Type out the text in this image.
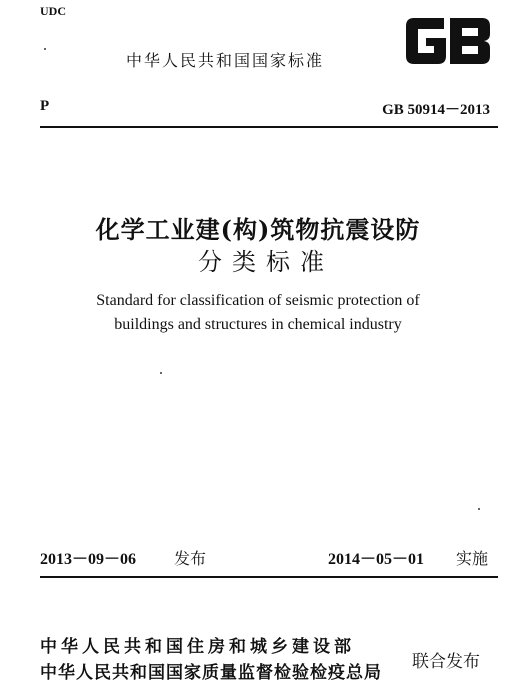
UDC
中华人民共和国国家标准
P	GB 50914－2013
化学工业建(构)筑物抗震设防
分类标准
Standard for classification of seismic protection of
buildings and structures in chemical industry
2013－09－06 发布	2014－05－01 实施
中华人民共和国住房和城乡建设部
中华人民共和国国家质量监督检验检疫总局
联合发布
